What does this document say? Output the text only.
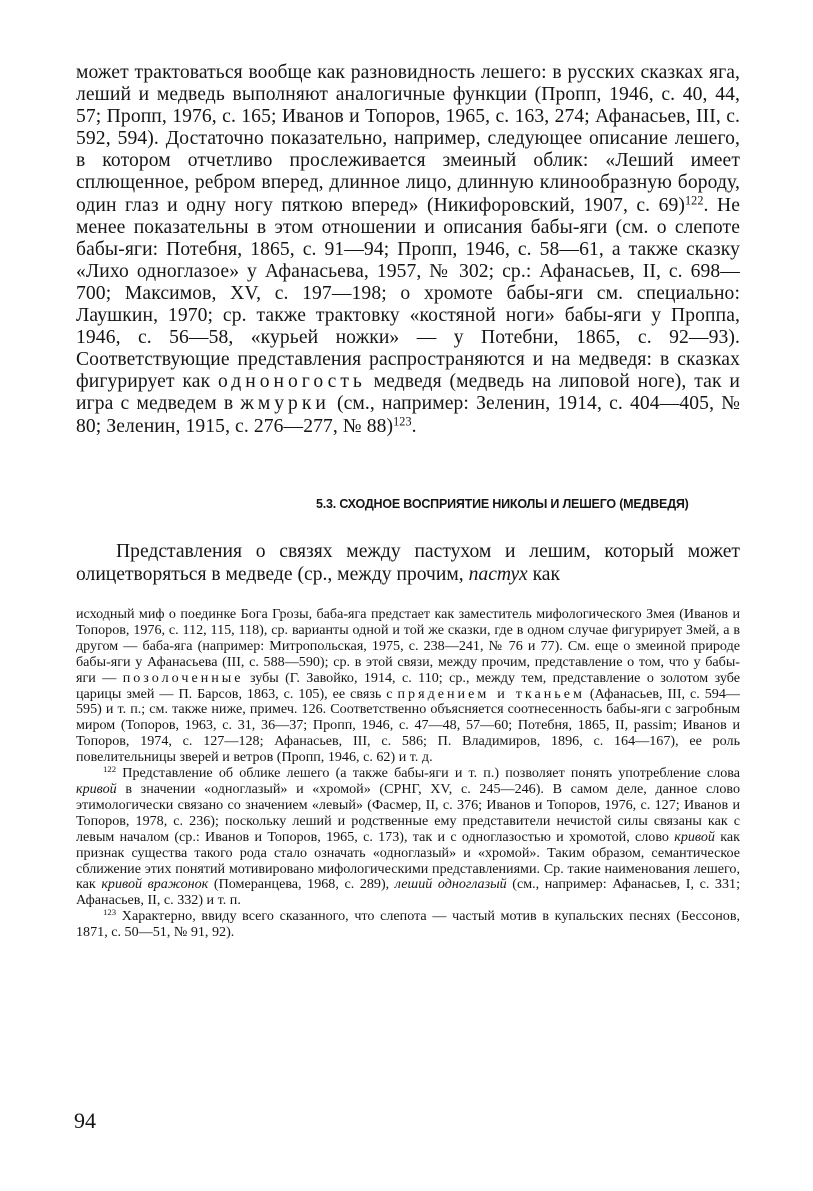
может трактоваться вообще как разновидность лешего: в русских сказках яга, леший и медведь выполняют аналогичные функции (Пропп, 1946, с. 40, 44, 57; Пропп, 1976, с. 165; Иванов и Топоров, 1965, с. 163, 274; Афанасьев, III, с. 592, 594). Достаточно показательно, например, следующее описание лешего, в котором отчетливо прослеживается змеиный облик: «Леший имеет сплющенное, ребром вперед, длинное лицо, длинную клинообразную бороду, один глаз и одну ногу пяткою вперед» (Никифоровский, 1907, с. 69)$^{122}$. Не менее показательны в этом отношении и описания бабы-яги (см. о слепоте бабы-яги: Потебня, 1865, с. 91—94; Пропп, 1946, с. 58—61, а также сказку «Лихо одноглазое» у Афанасьева, 1957, № 302; ср.: Афанасьев, II, с. 698—700; Максимов, XV, с. 197—198; о хромоте бабы-яги см. специально: Лаушкин, 1970; ср. также трактовку «костяной ноги» бабы-яги у Проппа, 1946, с. 56—58, «курьей ножки» — у Потебни, 1865, с. 92—93). Соответствующие представления распространяются и на медведя: в сказках фигурирует как одноногость медведя (медведь на липовой ноге), так и игра с медведем в жмурки (см., например: Зеленин, 1914, с. 404—405, № 80; Зеленин, 1915, с. 276—277, № 88)$^{123}$.

5.3. СХОДНОЕ ВОСПРИЯТИЕ НИКОЛЫ И ЛЕШЕГО (МЕДВЕДЯ)

Представления о связях между пастухом и лешим, который может олицетворяться в медведе (ср., между прочим, пастух как

исходный миф о поединке Бога Грозы, баба-яга предстает как заместитель мифологического Змея (Иванов и Топоров, 1976, с. 112, 115, 118), ср. варианты одной и той же сказки, где в одном случае фигурирует Змей, а в другом — баба-яга (например: Митропольская, 1975, с. 238—241, № 76 и 77). См. еще о змеиной природе бабы-яги у Афанасьева (III, с. 588—590); ср. в этой связи, между прочим, представление о том, что у бабы-яги — позолоченные зубы (Г. Завойко, 1914, с. 110; ср., между тем, представление о золотом зубе царицы змей — П. Барсов, 1863, с. 105), ее связь с прядением и тканьем (Афанасьев, III, с. 594—595) и т. п.; см. также ниже, примеч. 126. Соответственно объясняется соотнесенность бабы-яги с загробным миром (Топоров, 1963, с. 31, 36—37; Пропп, 1946, с. 47—48, 57—60; Потебня, 1865, II, passim; Иванов и Топоров, 1974, с. 127—128; Афанасьев, III, с. 586; П. Владимиров, 1896, с. 164—167), ее роль повелительницы зверей и ветров (Пропп, 1946, с. 62) и т. д.

$^{122}$ Представление об облике лешего (а также бабы-яги и т. п.) позволяет понять употребление слова кривой в значении «одноглазый» и «хромой» (СРНГ, XV, с. 245—246). В самом деле, данное слово этимологически связано со значением «левый» (Фасмер, II, с. 376; Иванов и Топоров, 1976, с. 127; Иванов и Топоров, 1978, с. 236); поскольку леший и родственные ему представители нечистой силы связаны как с левым началом (ср.: Иванов и Топоров, 1965, с. 173), так и с одноглазостью и хромотой, слово кривой как признак существа такого рода стало означать «одноглазый» и «хромой». Таким образом, семантическое сближение этих понятий мотивировано мифологическими представлениями. Ср. такие наименования лешего, как кривой вражонок (Померанцева, 1968, с. 289), леший одноглазый (см., например: Афанасьев, I, с. 331; Афанасьев, II, с. 332) и т. п.

$^{123}$ Характерно, ввиду всего сказанного, что слепота — частый мотив в купальских песнях (Бессонов, 1871, с. 50—51, № 91, 92).

94
